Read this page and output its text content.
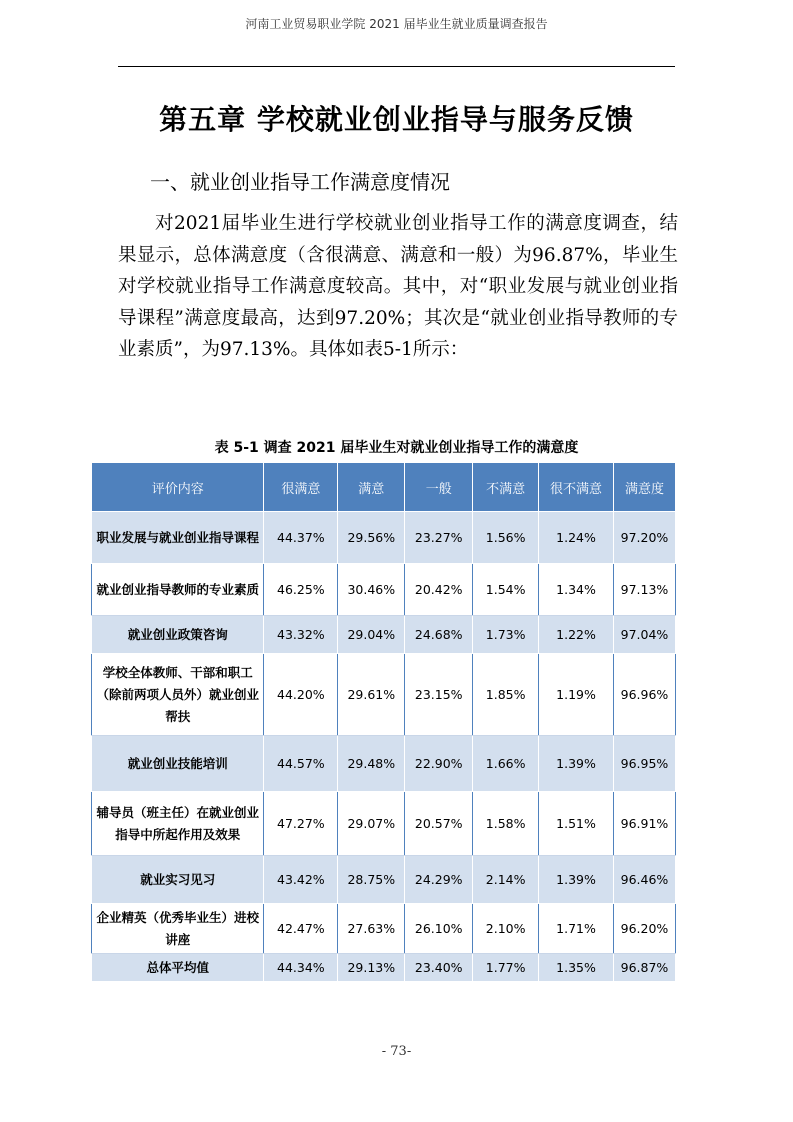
河南工业贸易职业学院 2021 届毕业生就业质量调查报告
第五章 学校就业创业指导与服务反馈
一、就业创业指导工作满意度情况
对2021届毕业生进行学校就业创业指导工作的满意度调查，结果显示，总体满意度（含很满意、满意和一般）为96.87%，毕业生对学校就业指导工作满意度较高。其中，对“职业发展与就业创业指导课程”满意度最高，达到97.20%；其次是“就业创业指导教师的专业素质”，为97.13%。具体如表5-1所示：
表 5-1 调查 2021 届毕业生对就业创业指导工作的满意度
评价内容	很满意	满意	一般	不满意	很不满意	满意度
职业发展与就业创业指导课程	44.37%	29.56%	23.27%	1.56%	1.24%	97.20%
就业创业指导教师的专业素质	46.25%	30.46%	20.42%	1.54%	1.34%	97.13%
就业创业政策咨询	43.32%	29.04%	24.68%	1.73%	1.22%	97.04%
学校全体教师、干部和职工（除前两项人员外）就业创业帮扶	44.20%	29.61%	23.15%	1.85%	1.19%	96.96%
就业创业技能培训	44.57%	29.48%	22.90%	1.66%	1.39%	96.95%
辅导员（班主任）在就业创业指导中所起作用及效果	47.27%	29.07%	20.57%	1.58%	1.51%	96.91%
就业实习见习	43.42%	28.75%	24.29%	2.14%	1.39%	96.46%
企业精英（优秀毕业生）进校讲座	42.47%	27.63%	26.10%	2.10%	1.71%	96.20%
总体平均值	44.34%	29.13%	23.40%	1.77%	1.35%	96.87%
- 73-
